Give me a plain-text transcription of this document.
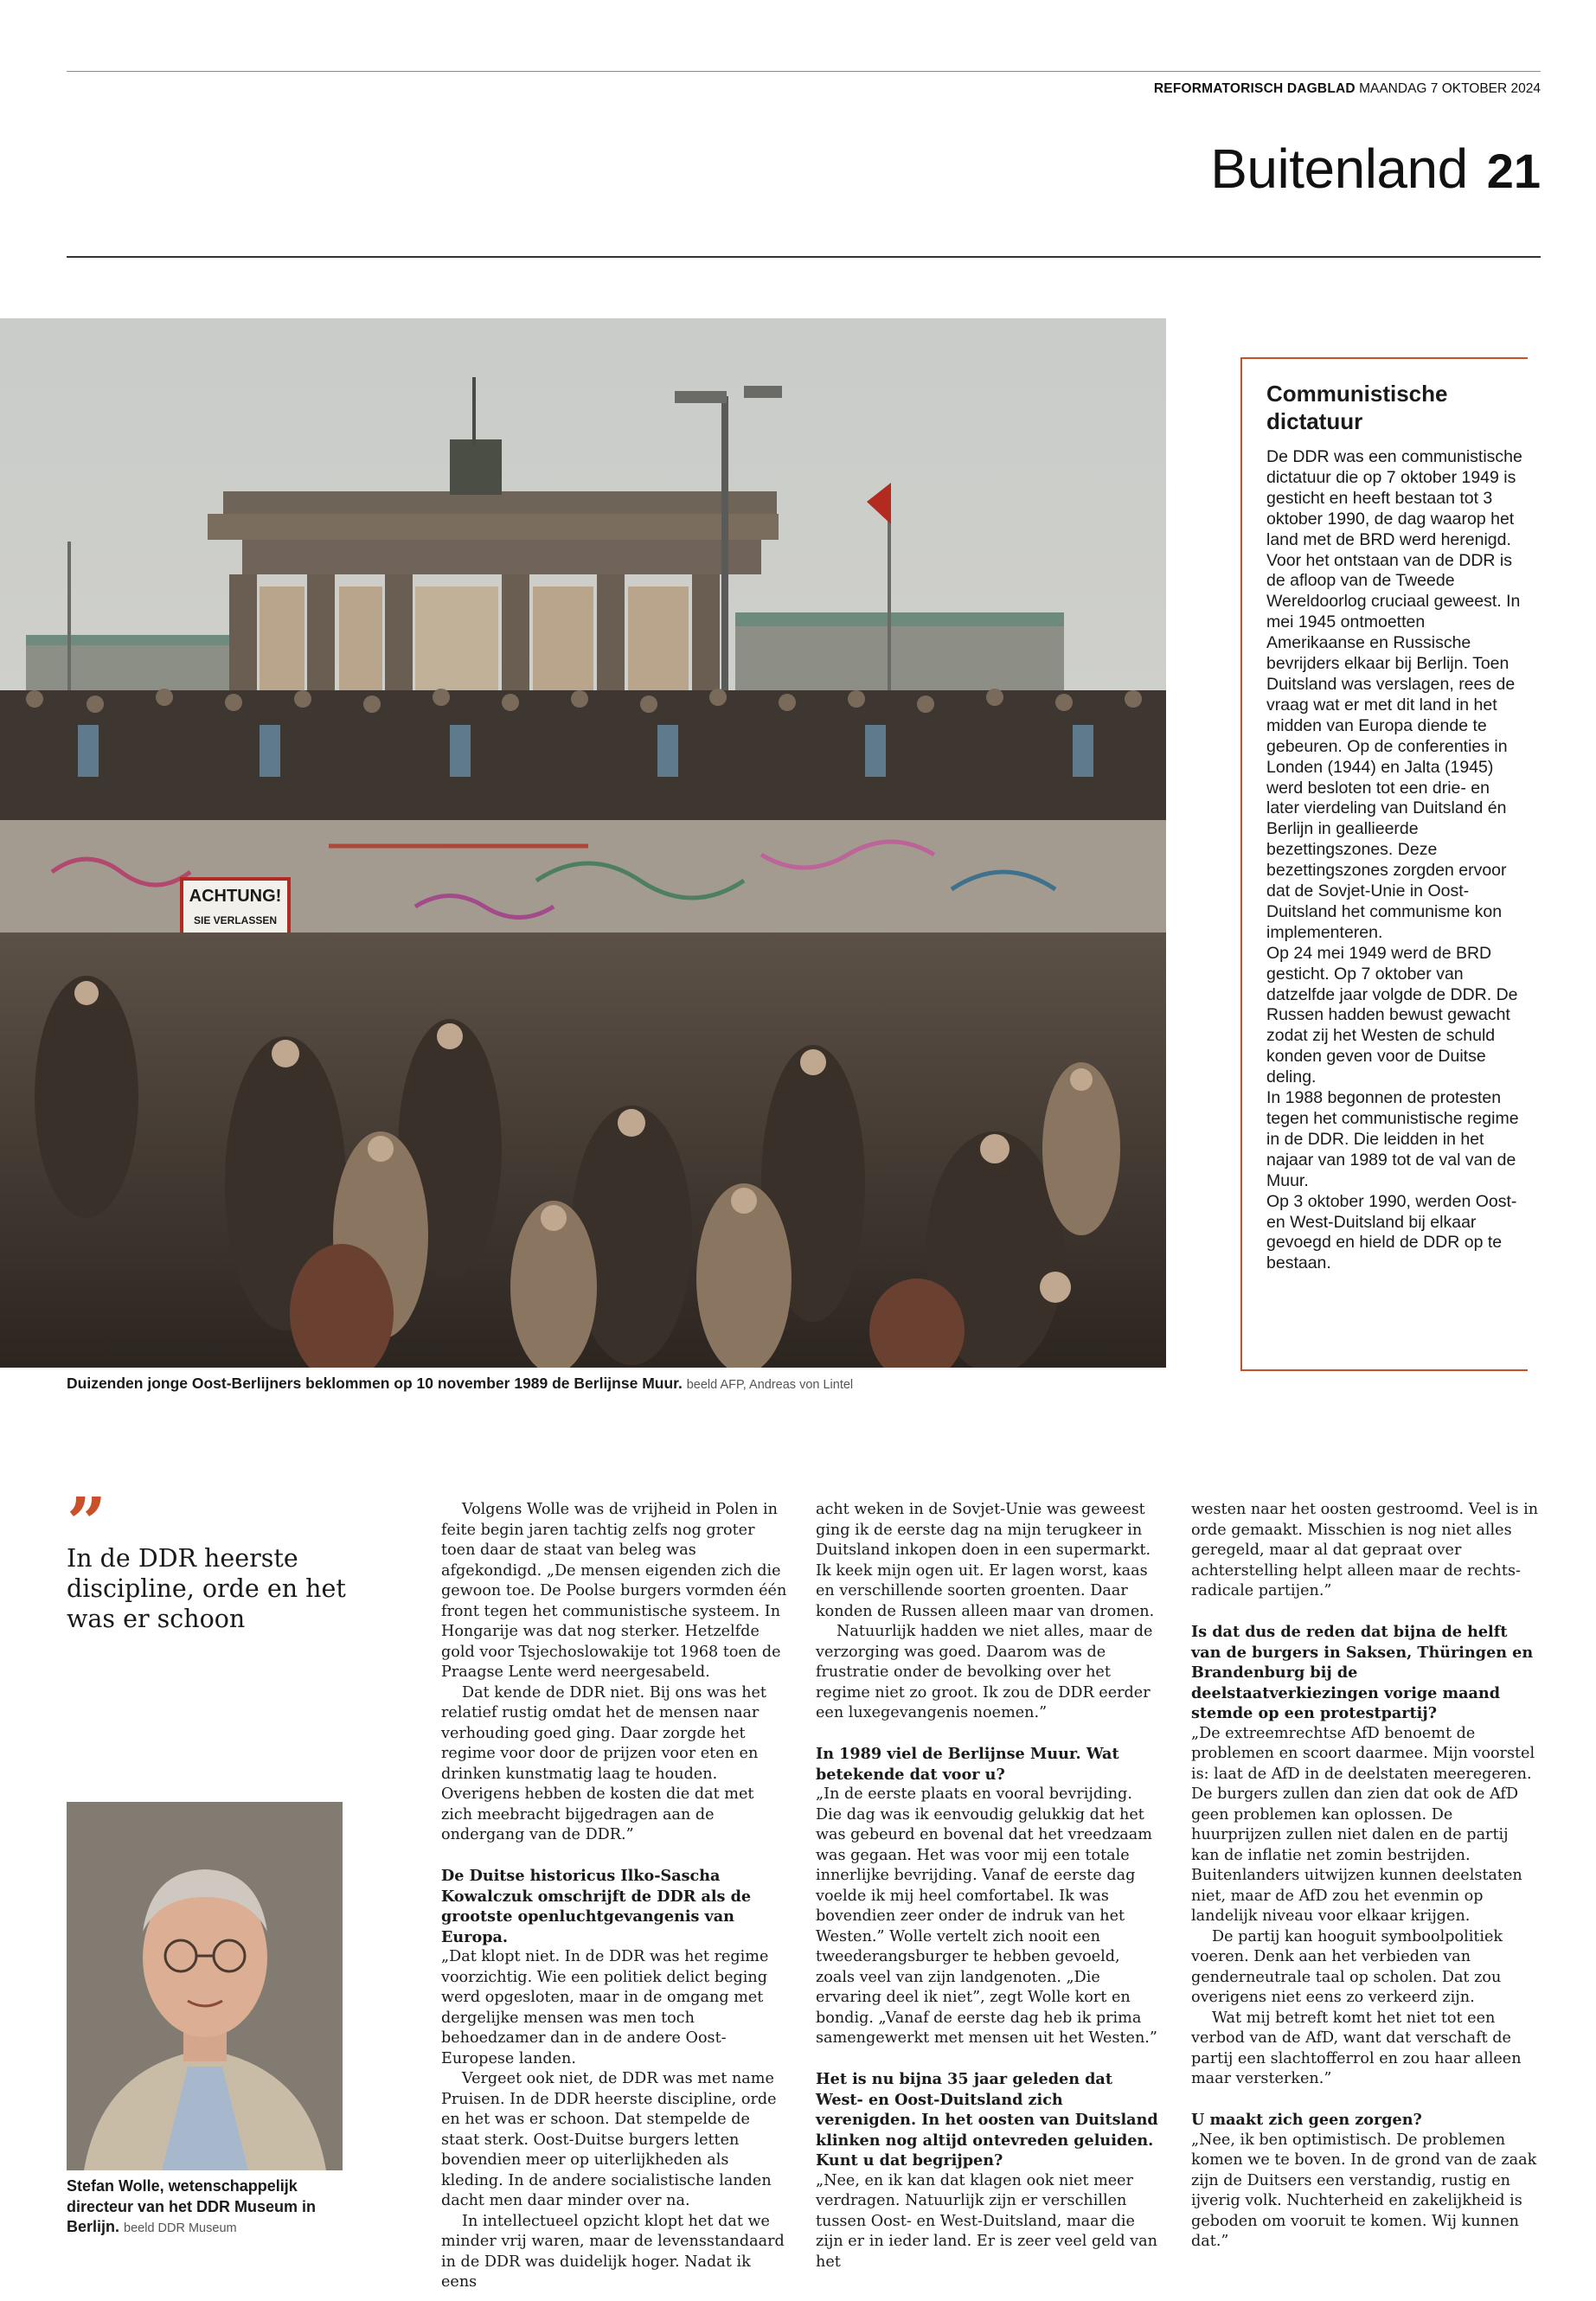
REFORMATORISCH DAGBLAD MAANDAG 7 OKTOBER 2024
Buitenland 21
ACHTUNG!
SIE VERLASSEN
Duizenden jonge Oost-Berlijners beklommen op 10 november 1989 de Berlijnse Muur. beeld AFP, Andreas von Lintel
Communistische dictatuur

De DDR was een communistische dictatuur die op 7 oktober 1949 is gesticht en heeft bestaan tot 3 oktober 1990, de dag waarop het land met de BRD werd herenigd.
Voor het ontstaan van de DDR is de afloop van de Tweede Wereldoorlog cruciaal geweest. In mei 1945 ontmoetten Amerikaanse en Russische bevrijders elkaar bij Berlijn. Toen Duitsland was verslagen, rees de vraag wat er met dit land in het midden van Europa diende te gebeuren. Op de conferenties in Londen (1944) en Jalta (1945) werd besloten tot een drie- en later vierdeling van Duitsland én Berlijn in geallieerde bezettingszones. Deze bezettingszones zorgden ervoor dat de Sovjet-Unie in Oost-Duitsland het communisme kon implementeren.
Op 24 mei 1949 werd de BRD gesticht. Op 7 oktober van datzelfde jaar volgde de DDR. De Russen hadden bewust gewacht zodat zij het Westen de schuld konden geven voor de Duitse deling.
In 1988 begonnen de protesten tegen het communistische regime in de DDR. Die leidden in het najaar van 1989 tot de val van de Muur.
Op 3 oktober 1990, werden Oost- en West-Duitsland bij elkaar gevoegd en hield de DDR op te bestaan.

”
In de DDR heerste discipline, orde en het was er schoon
Stefan Wolle, wetenschappelijk directeur van het DDR Museum in Berlijn. beeld DDR Museum

Volgens Wolle was de vrijheid in Polen in feite begin jaren tachtig zelfs nog groter toen daar de staat van beleg was afgekondigd. „De mensen eigenden zich die gewoon toe. De Poolse burgers vormden één front tegen het communistische systeem. In Hongarije was dat nog sterker. Hetzelfde gold voor Tsjechoslowakije tot 1968 toen de Praagse Lente werd neergesabeld.

Dat kende de DDR niet. Bij ons was het relatief rustig omdat het de mensen naar verhouding goed ging. Daar zorgde het regime voor door de prijzen voor eten en drinken kunstmatig laag te houden. Overigens hebben de kosten die dat met zich meebracht bijgedragen aan de ondergang van de DDR.”

De Duitse historicus Ilko-Sascha Kowalczuk omschrijft de DDR als de grootste openluchtgevangenis van Europa.

„Dat klopt niet. In de DDR was het regime voorzichtig. Wie een politiek delict beging werd opgesloten, maar in de omgang met dergelijke mensen was men toch behoedzamer dan in de andere Oost-Europese landen.

Vergeet ook niet, de DDR was met name Pruisen. In de DDR heerste discipline, orde en het was er schoon. Dat stempelde de staat sterk. Oost-Duitse burgers letten bovendien meer op uiterlijkheden als kleding. In de andere socialistische landen dacht men daar minder over na.

In intellectueel opzicht klopt het dat we minder vrij waren, maar de levensstandaard in de DDR was duidelijk hoger. Nadat ik eens

acht weken in de Sovjet-Unie was geweest ging ik de eerste dag na mijn terugkeer in Duitsland inkopen doen in een supermarkt. Ik keek mijn ogen uit. Er lagen worst, kaas en verschillende soorten groenten. Daar konden de Russen alleen maar van dromen.

Natuurlijk hadden we niet alles, maar de verzorging was goed. Daarom was de frustratie onder de bevolking over het regime niet zo groot. Ik zou de DDR eerder een luxegevangenis noemen.”

In 1989 viel de Berlijnse Muur. Wat betekende dat voor u?

„In de eerste plaats en vooral bevrijding. Die dag was ik eenvoudig gelukkig dat het was gebeurd en bovenal dat het vreedzaam was gegaan. Het was voor mij een totale innerlijke bevrijding. Vanaf de eerste dag voelde ik mij heel comfortabel. Ik was bovendien zeer onder de indruk van het Westen.” Wolle vertelt zich nooit een tweederangsburger te hebben gevoeld, zoals veel van zijn landgenoten. „Die ervaring deel ik niet”, zegt Wolle kort en bondig. „Vanaf de eerste dag heb ik prima samengewerkt met mensen uit het Westen.”

Het is nu bijna 35 jaar geleden dat West- en Oost-Duitsland zich verenigden. In het oosten van Duitsland klinken nog altijd ontevreden geluiden. Kunt u dat begrijpen?

„Nee, en ik kan dat klagen ook niet meer verdragen. Natuurlijk zijn er verschillen tussen Oost- en West-Duitsland, maar die zijn er in ieder land. Er is zeer veel geld van het

westen naar het oosten gestroomd. Veel is in orde gemaakt. Misschien is nog niet alles geregeld, maar al dat gepraat over achterstelling helpt alleen maar de rechts-radicale partijen.”

Is dat dus de reden dat bijna de helft van de burgers in Saksen, Thüringen en Brandenburg bij de deelstaatverkiezingen vorige maand stemde op een protestpartij?

„De extreemrechtse AfD benoemt de problemen en scoort daarmee. Mijn voorstel is: laat de AfD in de deelstaten meeregeren. De burgers zullen dan zien dat ook de AfD geen problemen kan oplossen. De huurprijzen zullen niet dalen en de partij kan de inflatie net zomin bestrijden. Buitenlanders uitwijzen kunnen deelstaten niet, maar de AfD zou het evenmin op landelijk niveau voor elkaar krijgen.

De partij kan hooguit symboolpolitiek voeren. Denk aan het verbieden van genderneutrale taal op scholen. Dat zou overigens niet eens zo verkeerd zijn.

Wat mij betreft komt het niet tot een verbod van de AfD, want dat verschaft de partij een slachtofferrol en zou haar alleen maar versterken.”

U maakt zich geen zorgen?

„Nee, ik ben optimistisch. De problemen komen we te boven. In de grond van de zaak zijn de Duitsers een verstandig, rustig en ijverig volk. Nuchterheid en zakelijkheid is geboden om vooruit te komen. Wij kunnen dat.”
